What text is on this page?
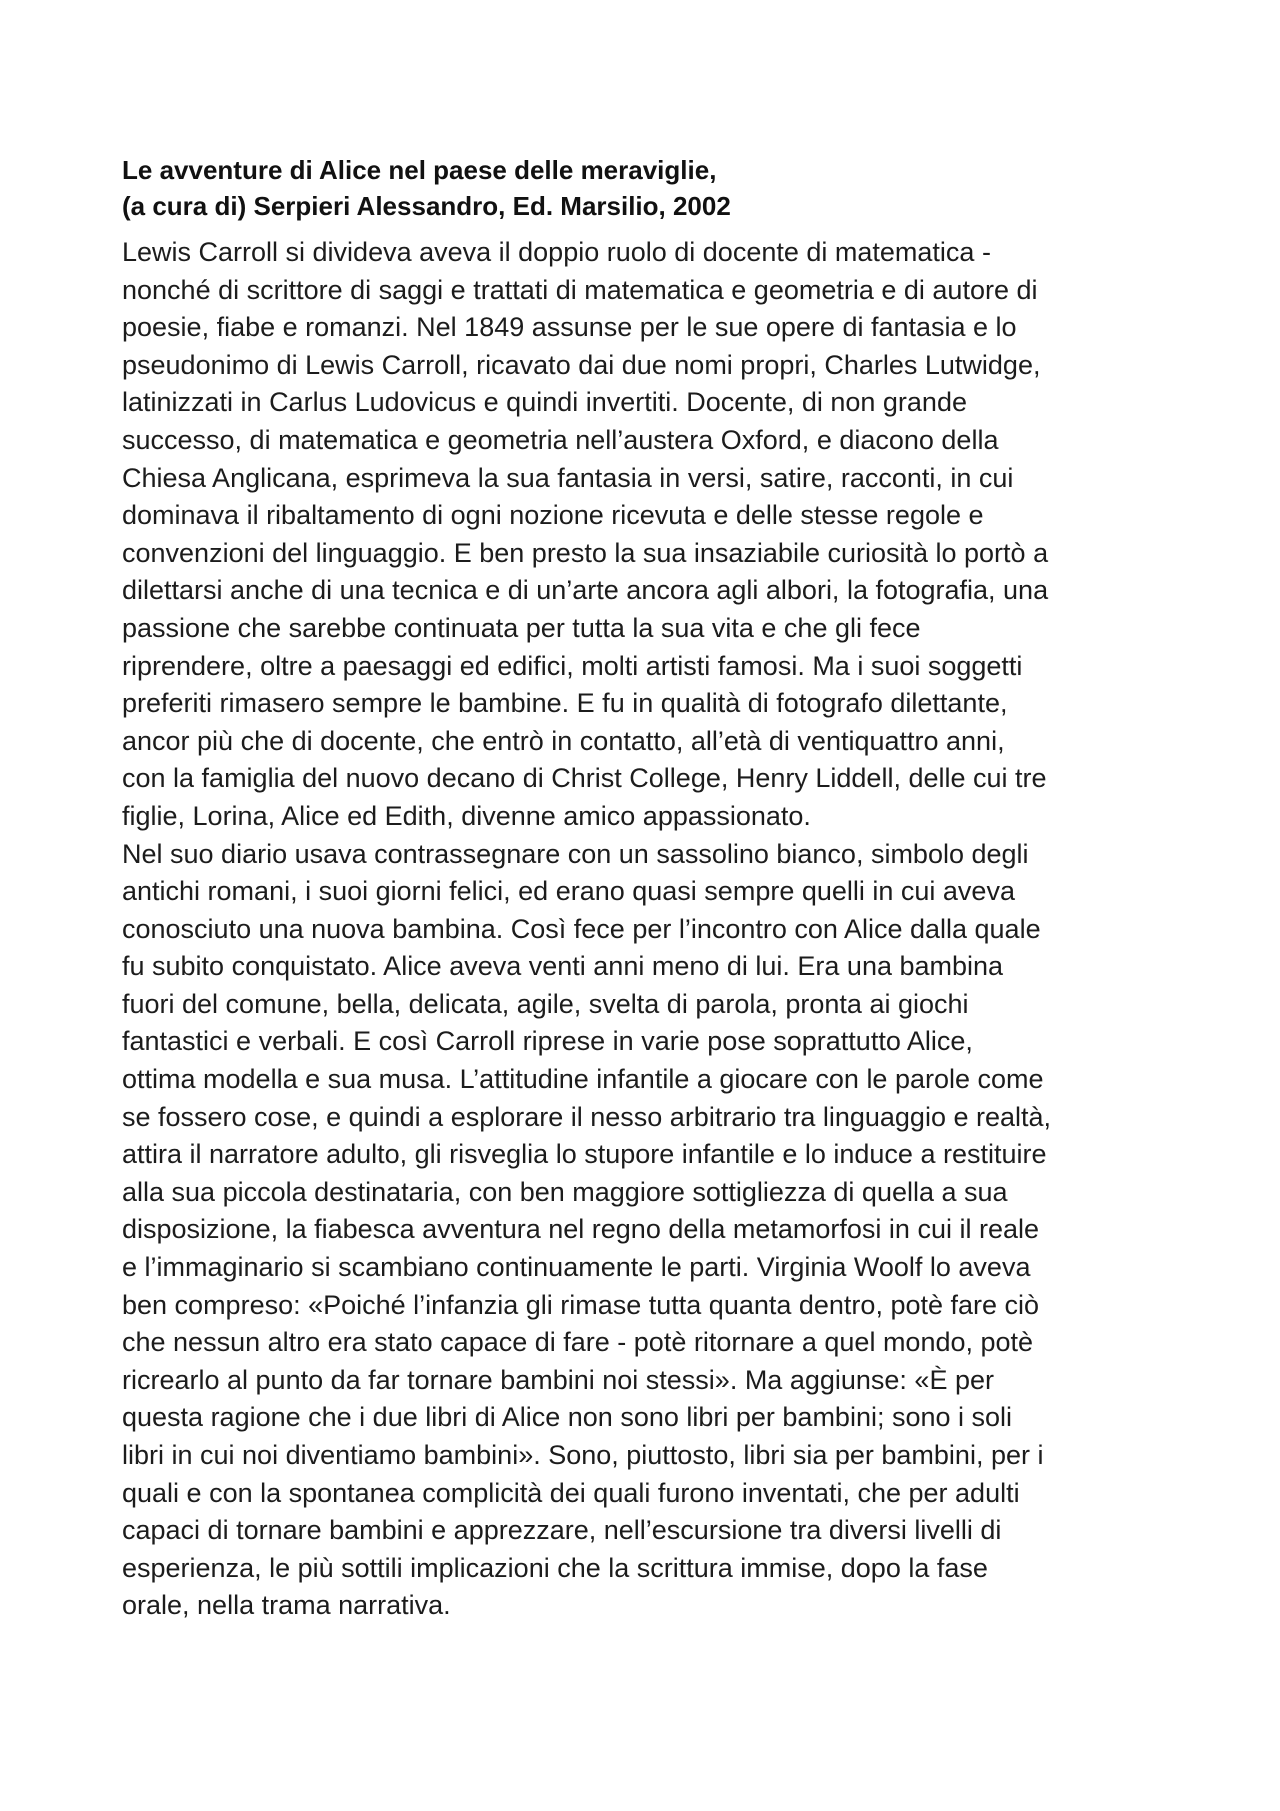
Le avventure di Alice nel paese delle meraviglie,
(a cura di) Serpieri Alessandro, Ed. Marsilio, 2002

Lewis Carroll si divideva aveva il doppio ruolo di docente di matematica -
nonché di scrittore di saggi e trattati di matematica e geometria e di autore di
poesie, fiabe e romanzi. Nel 1849 assunse per le sue opere di fantasia e lo
pseudonimo di Lewis Carroll, ricavato dai due nomi propri, Charles Lutwidge,
latinizzati in Carlus Ludovicus e quindi invertiti. Docente, di non grande
successo, di matematica e geometria nell’austera Oxford, e diacono della
Chiesa Anglicana, esprimeva la sua fantasia in versi, satire, racconti, in cui
dominava il ribaltamento di ogni nozione ricevuta e delle stesse regole e
convenzioni del linguaggio. E ben presto la sua insaziabile curiosità lo portò a
dilettarsi anche di una tecnica e di un’arte ancora agli albori, la fotografia, una
passione che sarebbe continuata per tutta la sua vita e che gli fece
riprendere, oltre a paesaggi ed edifici, molti artisti famosi. Ma i suoi soggetti
preferiti rimasero sempre le bambine. E fu in qualità di fotografo dilettante,
ancor più che di docente, che entrò in contatto, all’età di ventiquattro anni,
con la famiglia del nuovo decano di Christ College, Henry Liddell, delle cui tre
figlie, Lorina, Alice ed Edith, divenne amico appassionato.
Nel suo diario usava contrassegnare con un sassolino bianco, simbolo degli
antichi romani, i suoi giorni felici, ed erano quasi sempre quelli in cui aveva
conosciuto una nuova bambina. Così fece per l’incontro con Alice dalla quale
fu subito conquistato. Alice aveva venti anni meno di lui. Era una bambina
fuori del comune, bella, delicata, agile, svelta di parola, pronta ai giochi
fantastici e verbali. E così Carroll riprese in varie pose soprattutto Alice,
ottima modella e sua musa. L’attitudine infantile a giocare con le parole come
se fossero cose, e quindi a esplorare il nesso arbitrario tra linguaggio e realtà,
attira il narratore adulto, gli risveglia lo stupore infantile e lo induce a restituire
alla sua piccola destinataria, con ben maggiore sottigliezza di quella a sua
disposizione, la fiabesca avventura nel regno della metamorfosi in cui il reale
e l’immaginario si scambiano continuamente le parti. Virginia Woolf lo aveva
ben compreso: «Poiché l’infanzia gli rimase tutta quanta dentro, potè fare ciò
che nessun altro era stato capace di fare - potè ritornare a quel mondo, potè
ricrearlo al punto da far tornare bambini noi stessi». Ma aggiunse: «È per
questa ragione che i due libri di Alice non sono libri per bambini; sono i soli
libri in cui noi diventiamo bambini». Sono, piuttosto, libri sia per bambini, per i
quali e con la spontanea complicità dei quali furono inventati, che per adulti
capaci di tornare bambini e apprezzare, nell’escursione tra diversi livelli di
esperienza, le più sottili implicazioni che la scrittura immise, dopo la fase
orale, nella trama narrativa.
